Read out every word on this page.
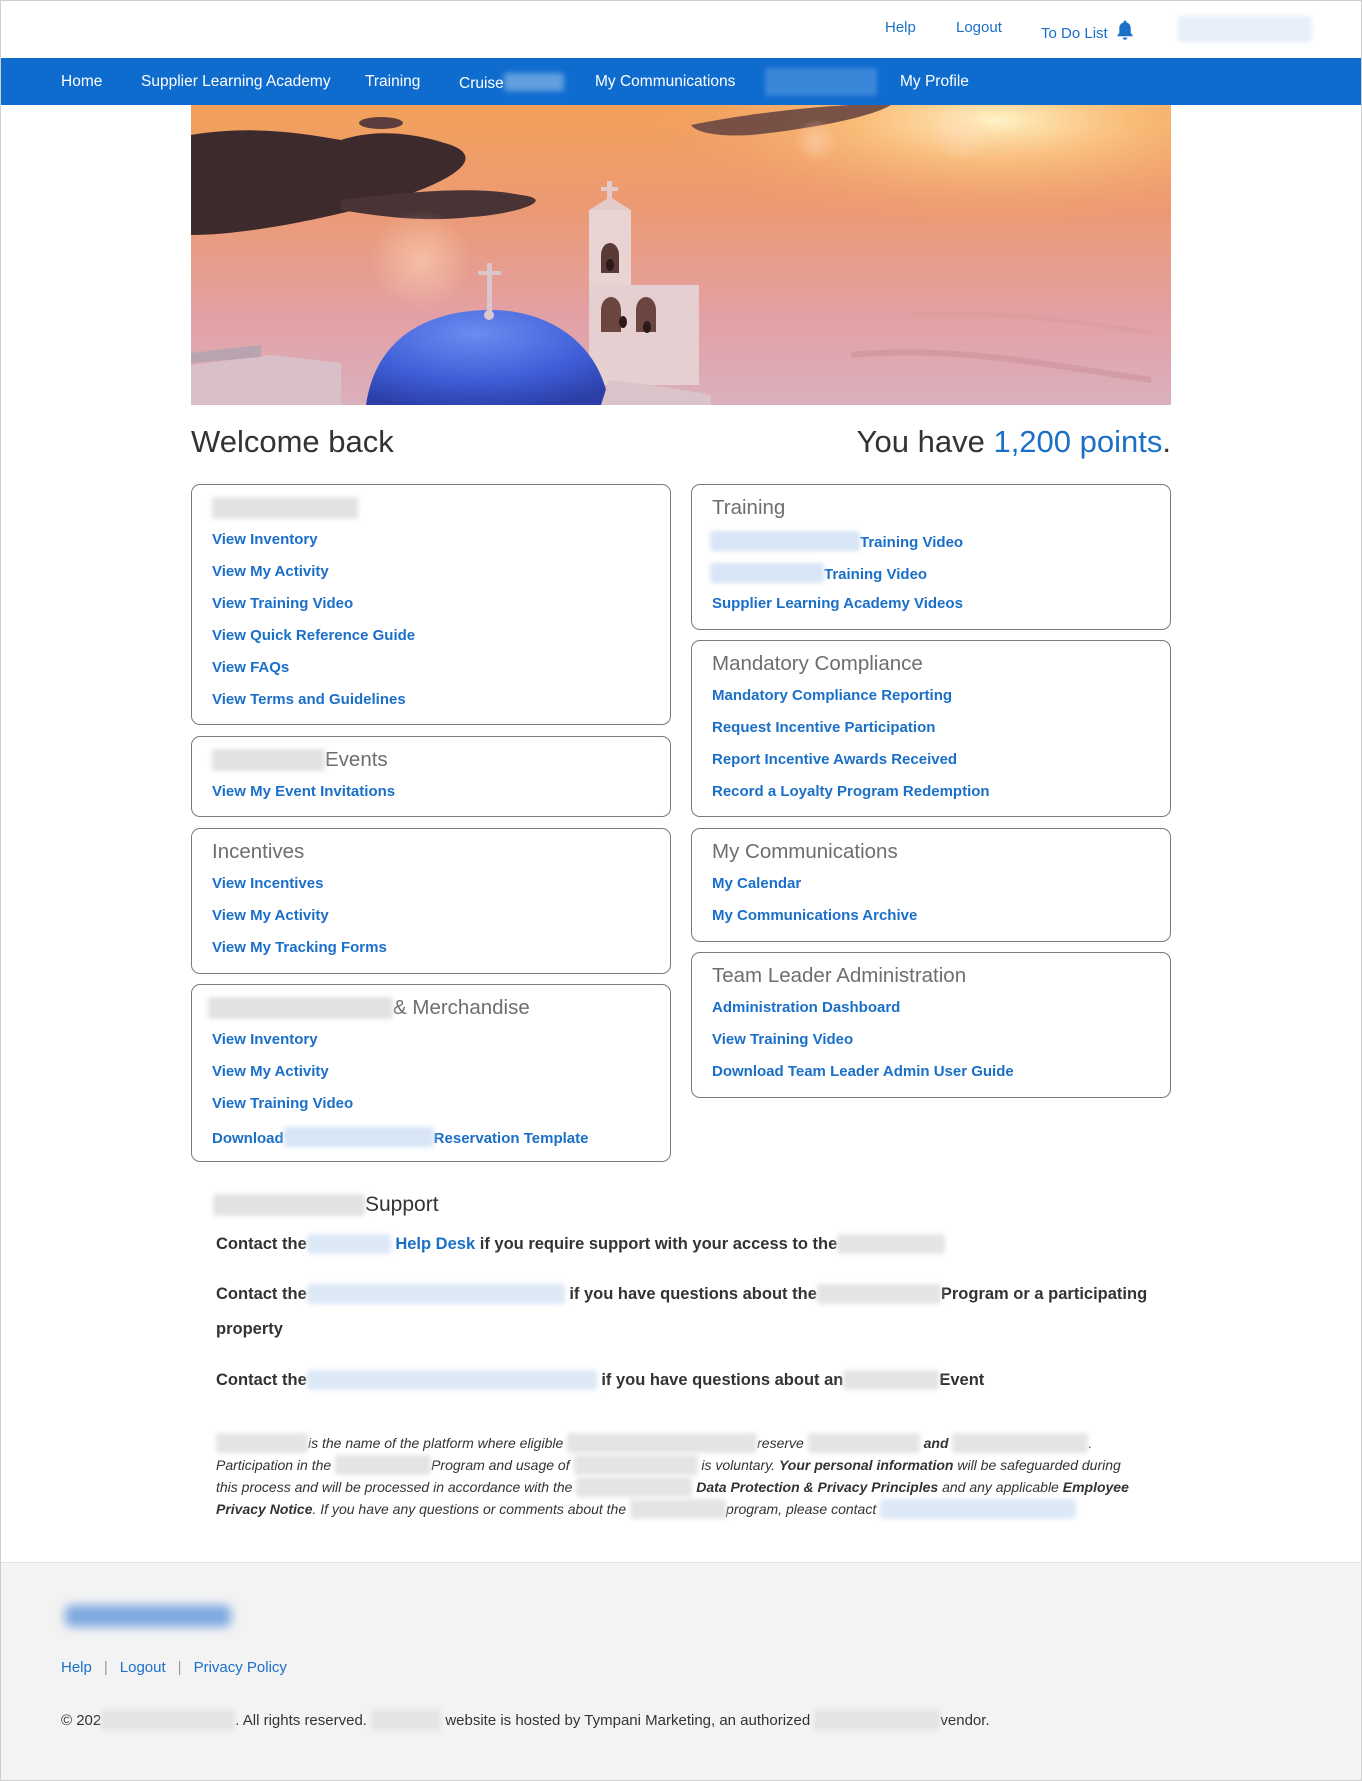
Help	Logout	To Do List
Home Supplier Learning Academy Training Cruise	My Communications	My Profile
Welcome back	You have 1,200 points.
View Inventory
View My Activity
View Training Video
View Quick Reference Guide
View FAQs
View Terms and Guidelines
Events
View My Event Invitations
Incentives
View Incentives
View My Activity
View My Tracking Forms
& Merchandise
View Inventory
View My Activity
View Training Video
Download	Reservation Template
Training
Training Video
Training Video
Supplier Learning Academy Videos
Mandatory Compliance
Mandatory Compliance Reporting
Request Incentive Participation
Report Incentive Awards Received
Record a Loyalty Program Redemption
My Communications
My Calendar
My Communications Archive
Team Leader Administration
Administration Dashboard
View Training Video
Download Team Leader Admin User Guide
Support
Contact the	Help Desk if you require support with your access to the
Contact the	if you have questions about the	Program or a participating
property
Contact the	if you have questions about an	Event
is the name of the platform where eligible	reserve	and	.
Participation in the	Program and usage of	is voluntary. Your personal information will be safeguarded during this process and will be processed in accordance with the	Data Protection & Privacy Principles and any applicable Employee Privacy Notice. If you have any questions or comments about the	program, please contact
Help | Logout | Privacy Policy
© 202	. All rights reserved.	website is hosted by Tympani Marketing, an authorized	vendor.
